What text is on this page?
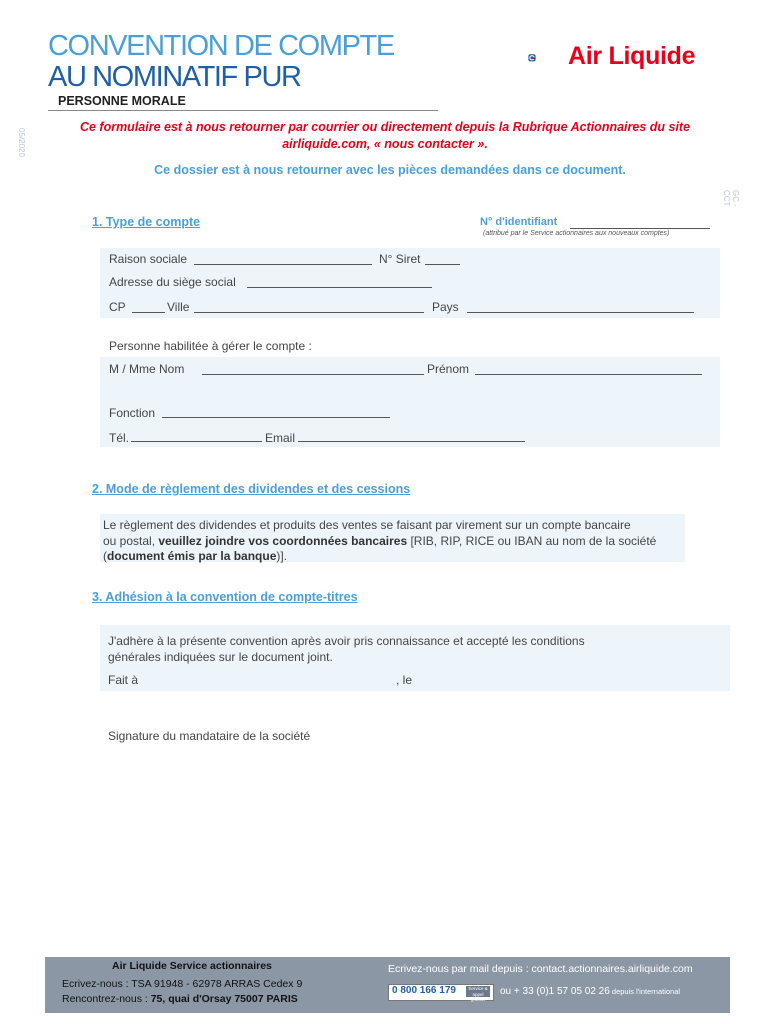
CONVENTION DE COMPTE
AU NOMINATIF PUR
PERSONNE MORALE
Air Liquide
05/2020
GC - CCT
Ce formulaire est à nous retourner par courrier ou directement depuis la Rubrique Actionnaires du site
airliquide.com, « nous contacter ».
Ce dossier est à nous retourner avec les pièces demandées dans ce document.
1. Type de compte	N° d'identifiant
(attribué par le Service actionnaires aux nouveaux comptes)
Raison sociale	N° Siret
Adresse du siège social
CP	Ville	Pays
Personne habilitée à gérer le compte :
M / Mme Nom	Prénom
Fonction
Tél.	Email
2. Mode de règlement des dividendes et des cessions
Le règlement des dividendes et produits des ventes se faisant par virement sur un compte bancaire
ou postal, veuillez joindre vos coordonnées bancaires [RIB, RIP, RICE ou IBAN au nom de la société
(document émis par la banque)].
3. Adhésion à la convention de compte-titres
J'adhère à la présente convention après avoir pris connaissance et accepté les conditions
générales indiquées sur le document joint.
Fait à	, le
Signature du mandataire de la société
Air Liquide Service actionnaires
Ecrivez-nous : TSA 91948 - 62978 ARRAS Cedex 9
Rencontrez-nous : 75, quai d'Orsay 75007 PARIS
Ecrivez-nous par mail depuis : contact.actionnaires.airliquide.com
0 800 166 179	Service & appel gratuits
ou + 33 (0)1 57 05 02 26 depuis l'international
